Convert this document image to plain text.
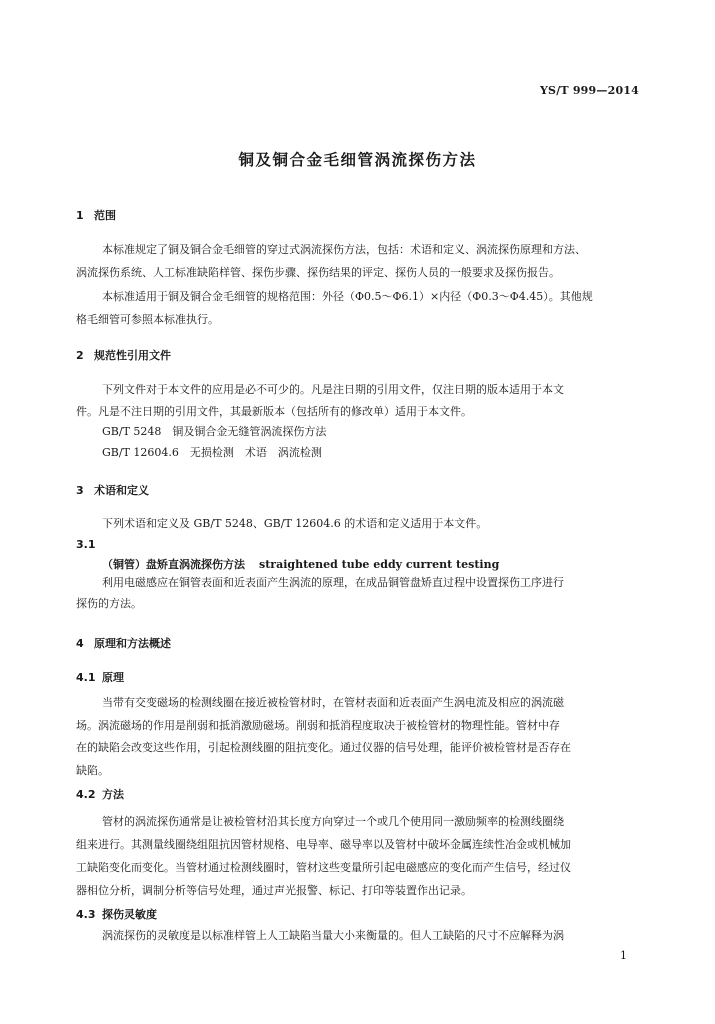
YS/T 999—2014
铜及铜合金毛细管涡流探伤方法
1 范围
本标准规定了铜及铜合金毛细管的穿过式涡流探伤方法，包括：术语和定义、涡流探伤原理和方法、
涡流探伤系统、人工标准缺陷样管、探伤步骤、探伤结果的评定、探伤人员的一般要求及探伤报告。
本标准适用于铜及铜合金毛细管的规格范围：外径（Φ0.5～Φ6.1）×内径（Φ0.3～Φ4.45）。其他规
格毛细管可参照本标准执行。
2 规范性引用文件
下列文件对于本文件的应用是必不可少的。凡是注日期的引用文件，仅注日期的版本适用于本文
件。凡是不注日期的引用文件，其最新版本（包括所有的修改单）适用于本文件。
GB/T 5248　铜及铜合金无缝管涡流探伤方法
GB/T 12604.6　无损检测　术语　涡流检测
3 术语和定义
下列术语和定义及 GB/T 5248、GB/T 12604.6 的术语和定义适用于本文件。
3.1
（铜管）盘矫直涡流探伤方法 straightened tube eddy current testing
利用电磁感应在铜管表面和近表面产生涡流的原理，在成品铜管盘矫直过程中设置探伤工序进行
探伤的方法。
4 原理和方法概述
4.1 原理
当带有交变磁场的检测线圈在接近被检管材时，在管材表面和近表面产生涡电流及相应的涡流磁
场。涡流磁场的作用是削弱和抵消激励磁场。削弱和抵消程度取决于被检管材的物理性能。管材中存
在的缺陷会改变这些作用，引起检测线圈的阻抗变化。通过仪器的信号处理，能评价被检管材是否存在
缺陷。
4.2 方法
管材的涡流探伤通常是让被检管材沿其长度方向穿过一个或几个使用同一激励频率的检测线圈绕
组来进行。其测量线圈绕组阻抗因管材规格、电导率、磁导率以及管材中破坏金属连续性冶金或机械加
工缺陷变化而变化。当管材通过检测线圈时，管材这些变量所引起电磁感应的变化而产生信号，经过仪
器相位分析，调制分析等信号处理，通过声光报警、标记、打印等装置作出记录。
4.3 探伤灵敏度
涡流探伤的灵敏度是以标准样管上人工缺陷当量大小来衡量的。但人工缺陷的尺寸不应解释为涡
1
